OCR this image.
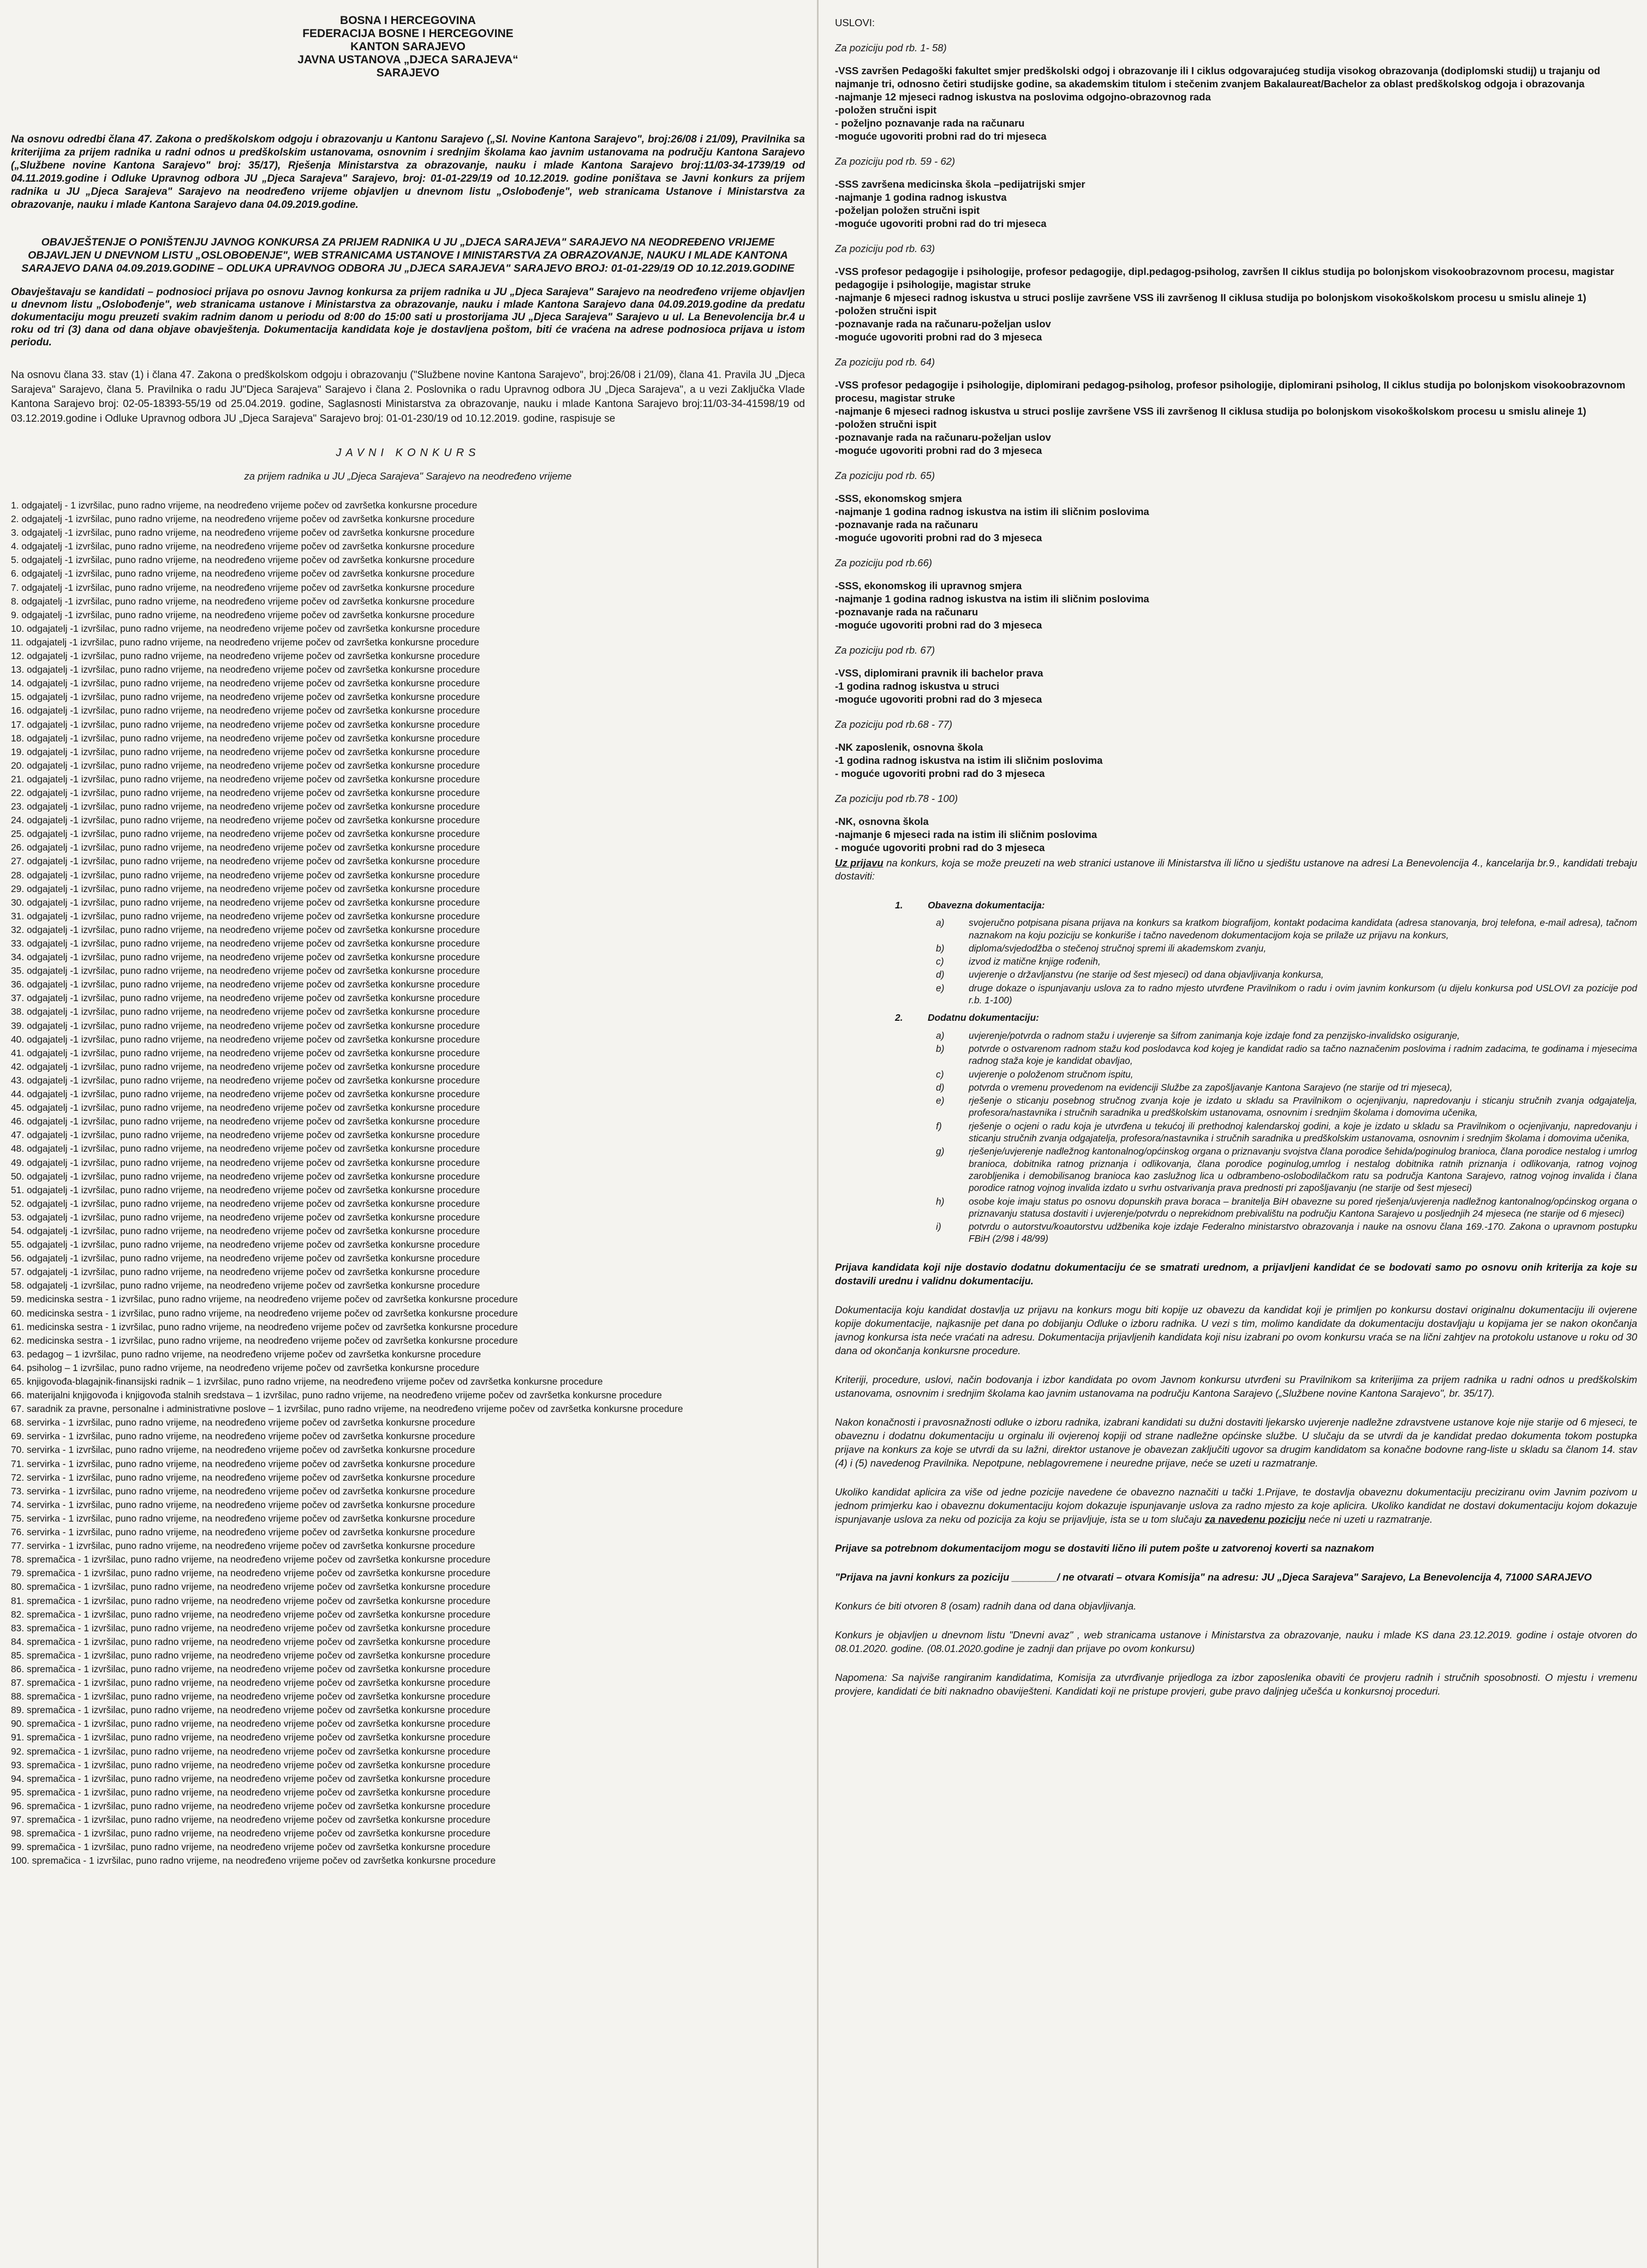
BOSNA I HERCEGOVINA
FEDERACIJA BOSNE I HERCEGOVINE
KANTON SARAJEVO
JAVNA USTANOVA „DJECA SARAJEVA“
SARAJEVO

Na osnovu odredbi člana 47. Zakona o predškolskom odgoju i obrazovanju u Kantonu Sarajevo („Sl. Novine Kantona Sarajevo", broj:26/08 i 21/09), Pravilnika sa kriterijima za prijem radnika u radni odnos u predškolskim ustanovama, osnovnim i srednjim školama kao javnim ustanovama na području Kantona Sarajevo („Službene novine Kantona Sarajevo" broj: 35/17), Rješenja Ministarstva za obrazovanje, nauku i mlade Kantona Sarajevo broj:11/03-34-1739/19 od 04.11.2019.godine i Odluke Upravnog odbora JU „Djeca Sarajeva" Sarajevo, broj: 01-01-229/19 od 10.12.2019. godine poništava se Javni konkurs za prijem radnika u JU „Djeca Sarajeva" Sarajevo na neodređeno vrijeme objavljen u dnevnom listu „Oslobođenje", web stranicama Ustanove i Ministarstva za obrazovanje, nauku i mlade Kantona Sarajevo dana 04.09.2019.godine.

OBAVJEŠTENJE O PONIŠTENJU JAVNOG KONKURSA ZA PRIJEM RADNIKA U JU „DJECA SARAJEVA" SARAJEVO NA NEODREĐENO VRIJEME OBJAVLJEN U DNEVNOM LISTU „OSLOBOĐENJE", WEB STRANICAMA USTANOVE I MINISTARSTVA ZA OBRAZOVANJE, NAUKU I MLADE KANTONA SARAJEVO DANA 04.09.2019.GODINE – ODLUKA UPRAVNOG ODBORA JU „DJECA SARAJEVA" SARAJEVO BROJ: 01-01-229/19 OD 10.12.2019.GODINE

Obavještavaju se kandidati – podnosioci prijava po osnovu Javnog konkursa za prijem radnika u JU „Djeca Sarajeva" Sarajevo na neodređeno vrijeme objavljen u dnevnom listu „Oslobođenje", web stranicama ustanove i Ministarstva za obrazovanje, nauku i mlade Kantona Sarajevo dana 04.09.2019.godine da predatu dokumentaciju mogu preuzeti svakim radnim danom u periodu od 8:00 do 15:00 sati u prostorijama JU „Djeca Sarajeva" Sarajevo u ul. La Benevolencija br.4 u roku od tri (3) dana od dana objave obavještenja. Dokumentacija kandidata koje je dostavljena poštom, biti će vraćena na adrese podnosioca prijava u istom periodu.

Na osnovu člana 33. stav (1) i člana 47. Zakona o predškolskom odgoju i obrazovanju ("Službene novine Kantona Sarajevo", broj:26/08 i 21/09), člana 41. Pravila JU „Djeca Sarajeva" Sarajevo, člana 5. Pravilnika o radu JU"Djeca Sarajeva" Sarajevo i člana 2. Poslovnika o radu Upravnog odbora JU „Djeca Sarajeva", a u vezi Zaključka Vlade Kantona Sarajevo broj: 02-05-18393-55/19 od 25.04.2019. godine, Saglasnosti Ministarstva za obrazovanje, nauku i mlade Kantona Sarajevo broj:11/03-34-41598/19 od 03.12.2019.godine i Odluke Upravnog odbora JU „Djeca Sarajeva" Sarajevo broj: 01-01-230/19 od 10.12.2019. godine, raspisuje se

JAVNI KONKURS
za prijem radnika u JU „Djeca Sarajeva" Sarajevo na neodređeno vrijeme
1. odgajatelj - 1 izvršilac, puno radno vrijeme, na neodređeno vrijeme počev od završetka konkursne procedure
2. odgajatelj -1 izvršilac, puno radno vrijeme, na neodređeno vrijeme počev od završetka konkursne procedure
3. odgajatelj -1 izvršilac, puno radno vrijeme, na neodređeno vrijeme počev od završetka konkursne procedure
4. odgajatelj -1 izvršilac, puno radno vrijeme, na neodređeno vrijeme počev od završetka konkursne procedure
5. odgajatelj -1 izvršilac, puno radno vrijeme, na neodređeno vrijeme počev od završetka konkursne procedure
6. odgajatelj -1 izvršilac, puno radno vrijeme, na neodređeno vrijeme počev od završetka konkursne procedure
7. odgajatelj -1 izvršilac, puno radno vrijeme, na neodređeno vrijeme počev od završetka konkursne procedure
8. odgajatelj -1 izvršilac, puno radno vrijeme, na neodređeno vrijeme počev od završetka konkursne procedure
9. odgajatelj -1 izvršilac, puno radno vrijeme, na neodređeno vrijeme počev od završetka konkursne procedure
10. odgajatelj -1 izvršilac, puno radno vrijeme, na neodređeno vrijeme počev od završetka konkursne procedure
11. odgajatelj -1 izvršilac, puno radno vrijeme, na neodređeno vrijeme počev od završetka konkursne procedure
12. odgajatelj -1 izvršilac, puno radno vrijeme, na neodređeno vrijeme počev od završetka konkursne procedure
13. odgajatelj -1 izvršilac, puno radno vrijeme, na neodređeno vrijeme počev od završetka konkursne procedure
14. odgajatelj -1 izvršilac, puno radno vrijeme, na neodređeno vrijeme počev od završetka konkursne procedure
15. odgajatelj -1 izvršilac, puno radno vrijeme, na neodređeno vrijeme počev od završetka konkursne procedure
16. odgajatelj -1 izvršilac, puno radno vrijeme, na neodređeno vrijeme počev od završetka konkursne procedure
17. odgajatelj -1 izvršilac, puno radno vrijeme, na neodređeno vrijeme počev od završetka konkursne procedure
18. odgajatelj -1 izvršilac, puno radno vrijeme, na neodređeno vrijeme počev od završetka konkursne procedure
19. odgajatelj -1 izvršilac, puno radno vrijeme, na neodređeno vrijeme počev od završetka konkursne procedure
20. odgajatelj -1 izvršilac, puno radno vrijeme, na neodređeno vrijeme počev od završetka konkursne procedure
21. odgajatelj -1 izvršilac, puno radno vrijeme, na neodređeno vrijeme počev od završetka konkursne procedure
22. odgajatelj -1 izvršilac, puno radno vrijeme, na neodređeno vrijeme počev od završetka konkursne procedure
23. odgajatelj -1 izvršilac, puno radno vrijeme, na neodređeno vrijeme počev od završetka konkursne procedure
24. odgajatelj -1 izvršilac, puno radno vrijeme, na neodređeno vrijeme počev od završetka konkursne procedure
25. odgajatelj -1 izvršilac, puno radno vrijeme, na neodređeno vrijeme počev od završetka konkursne procedure
26. odgajatelj -1 izvršilac, puno radno vrijeme, na neodređeno vrijeme počev od završetka konkursne procedure
27. odgajatelj -1 izvršilac, puno radno vrijeme, na neodređeno vrijeme počev od završetka konkursne procedure
28. odgajatelj -1 izvršilac, puno radno vrijeme, na neodređeno vrijeme počev od završetka konkursne procedure
29. odgajatelj -1 izvršilac, puno radno vrijeme, na neodređeno vrijeme počev od završetka konkursne procedure
30. odgajatelj -1 izvršilac, puno radno vrijeme, na neodređeno vrijeme počev od završetka konkursne procedure
31. odgajatelj -1 izvršilac, puno radno vrijeme, na neodređeno vrijeme počev od završetka konkursne procedure
32. odgajatelj -1 izvršilac, puno radno vrijeme, na neodređeno vrijeme počev od završetka konkursne procedure
33. odgajatelj -1 izvršilac, puno radno vrijeme, na neodređeno vrijeme počev od završetka konkursne procedure
34. odgajatelj -1 izvršilac, puno radno vrijeme, na neodređeno vrijeme počev od završetka konkursne procedure
35. odgajatelj -1 izvršilac, puno radno vrijeme, na neodređeno vrijeme počev od završetka konkursne procedure
36. odgajatelj -1 izvršilac, puno radno vrijeme, na neodređeno vrijeme počev od završetka konkursne procedure
37. odgajatelj -1 izvršilac, puno radno vrijeme, na neodređeno vrijeme počev od završetka konkursne procedure
38. odgajatelj -1 izvršilac, puno radno vrijeme, na neodređeno vrijeme počev od završetka konkursne procedure
39. odgajatelj -1 izvršilac, puno radno vrijeme, na neodređeno vrijeme počev od završetka konkursne procedure
40. odgajatelj -1 izvršilac, puno radno vrijeme, na neodređeno vrijeme počev od završetka konkursne procedure
41. odgajatelj -1 izvršilac, puno radno vrijeme, na neodređeno vrijeme počev od završetka konkursne procedure
42. odgajatelj -1 izvršilac, puno radno vrijeme, na neodređeno vrijeme počev od završetka konkursne procedure
43. odgajatelj -1 izvršilac, puno radno vrijeme, na neodređeno vrijeme počev od završetka konkursne procedure
44. odgajatelj -1 izvršilac, puno radno vrijeme, na neodređeno vrijeme počev od završetka konkursne procedure
45. odgajatelj -1 izvršilac, puno radno vrijeme, na neodređeno vrijeme počev od završetka konkursne procedure
46. odgajatelj -1 izvršilac, puno radno vrijeme, na neodređeno vrijeme počev od završetka konkursne procedure
47. odgajatelj -1 izvršilac, puno radno vrijeme, na neodređeno vrijeme počev od završetka konkursne procedure
48. odgajatelj -1 izvršilac, puno radno vrijeme, na neodređeno vrijeme počev od završetka konkursne procedure
49. odgajatelj -1 izvršilac, puno radno vrijeme, na neodređeno vrijeme počev od završetka konkursne procedure
50. odgajatelj -1 izvršilac, puno radno vrijeme, na neodređeno vrijeme počev od završetka konkursne procedure
51. odgajatelj -1 izvršilac, puno radno vrijeme, na neodređeno vrijeme počev od završetka konkursne procedure
52. odgajatelj -1 izvršilac, puno radno vrijeme, na neodređeno vrijeme počev od završetka konkursne procedure
53. odgajatelj -1 izvršilac, puno radno vrijeme, na neodređeno vrijeme počev od završetka konkursne procedure
54. odgajatelj -1 izvršilac, puno radno vrijeme, na neodređeno vrijeme počev od završetka konkursne procedure
55. odgajatelj -1 izvršilac, puno radno vrijeme, na neodređeno vrijeme počev od završetka konkursne procedure
56. odgajatelj -1 izvršilac, puno radno vrijeme, na neodređeno vrijeme počev od završetka konkursne procedure
57. odgajatelj -1 izvršilac, puno radno vrijeme, na neodređeno vrijeme počev od završetka konkursne procedure
58. odgajatelj -1 izvršilac, puno radno vrijeme, na neodređeno vrijeme počev od završetka konkursne procedure
59. medicinska sestra - 1 izvršilac, puno radno vrijeme, na neodređeno vrijeme počev od završetka konkursne procedure
60. medicinska sestra - 1 izvršilac, puno radno vrijeme, na neodređeno vrijeme počev od završetka konkursne procedure
61. medicinska sestra - 1 izvršilac, puno radno vrijeme, na neodređeno vrijeme počev od završetka konkursne procedure
62. medicinska sestra - 1 izvršilac, puno radno vrijeme, na neodređeno vrijeme počev od završetka konkursne procedure
63. pedagog – 1 izvršilac, puno radno vrijeme, na neodređeno vrijeme počev od završetka konkursne procedure
64. psiholog – 1 izvršilac, puno radno vrijeme, na neodređeno vrijeme počev od završetka konkursne procedure
65. knjigovođa-blagajnik-finansijski radnik – 1 izvršilac, puno radno vrijeme, na neodređeno vrijeme počev od završetka konkursne procedure
66. materijalni knjigovođa i knjigovođa stalnih sredstava – 1 izvršilac, puno radno vrijeme, na neodređeno vrijeme počev od završetka konkursne procedure
67. saradnik za pravne, personalne i administrativne poslove – 1 izvršilac, puno radno vrijeme, na neodređeno vrijeme počev od završetka konkursne procedure
68. servirka - 1 izvršilac, puno radno vrijeme, na neodređeno vrijeme počev od završetka konkursne procedure
69. servirka - 1 izvršilac, puno radno vrijeme, na neodređeno vrijeme počev od završetka konkursne procedure
70. servirka - 1 izvršilac, puno radno vrijeme, na neodređeno vrijeme počev od završetka konkursne procedure
71. servirka - 1 izvršilac, puno radno vrijeme, na neodređeno vrijeme počev od završetka konkursne procedure
72. servirka - 1 izvršilac, puno radno vrijeme, na neodređeno vrijeme počev od završetka konkursne procedure
73. servirka - 1 izvršilac, puno radno vrijeme, na neodređeno vrijeme počev od završetka konkursne procedure
74. servirka - 1 izvršilac, puno radno vrijeme, na neodređeno vrijeme počev od završetka konkursne procedure
75. servirka - 1 izvršilac, puno radno vrijeme, na neodređeno vrijeme počev od završetka konkursne procedure
76. servirka - 1 izvršilac, puno radno vrijeme, na neodređeno vrijeme počev od završetka konkursne procedure
77. servirka - 1 izvršilac, puno radno vrijeme, na neodređeno vrijeme počev od završetka konkursne procedure
78. spremačica - 1 izvršilac, puno radno vrijeme, na neodređeno vrijeme počev od završetka konkursne procedure
79. spremačica - 1 izvršilac, puno radno vrijeme, na neodređeno vrijeme počev od završetka konkursne procedure
80. spremačica - 1 izvršilac, puno radno vrijeme, na neodređeno vrijeme počev od završetka konkursne procedure
81. spremačica - 1 izvršilac, puno radno vrijeme, na neodređeno vrijeme počev od završetka konkursne procedure
82. spremačica - 1 izvršilac, puno radno vrijeme, na neodređeno vrijeme počev od završetka konkursne procedure
83. spremačica - 1 izvršilac, puno radno vrijeme, na neodređeno vrijeme počev od završetka konkursne procedure
84. spremačica - 1 izvršilac, puno radno vrijeme, na neodređeno vrijeme počev od završetka konkursne procedure
85. spremačica - 1 izvršilac, puno radno vrijeme, na neodređeno vrijeme počev od završetka konkursne procedure
86. spremačica - 1 izvršilac, puno radno vrijeme, na neodređeno vrijeme počev od završetka konkursne procedure
87. spremačica - 1 izvršilac, puno radno vrijeme, na neodređeno vrijeme počev od završetka konkursne procedure
88. spremačica - 1 izvršilac, puno radno vrijeme, na neodređeno vrijeme počev od završetka konkursne procedure
89. spremačica - 1 izvršilac, puno radno vrijeme, na neodređeno vrijeme počev od završetka konkursne procedure
90. spremačica - 1 izvršilac, puno radno vrijeme, na neodređeno vrijeme počev od završetka konkursne procedure
91. spremačica - 1 izvršilac, puno radno vrijeme, na neodređeno vrijeme počev od završetka konkursne procedure
92. spremačica - 1 izvršilac, puno radno vrijeme, na neodređeno vrijeme počev od završetka konkursne procedure
93. spremačica - 1 izvršilac, puno radno vrijeme, na neodređeno vrijeme počev od završetka konkursne procedure
94. spremačica - 1 izvršilac, puno radno vrijeme, na neodređeno vrijeme počev od završetka konkursne procedure
95. spremačica - 1 izvršilac, puno radno vrijeme, na neodređeno vrijeme počev od završetka konkursne procedure
96. spremačica - 1 izvršilac, puno radno vrijeme, na neodređeno vrijeme počev od završetka konkursne procedure
97. spremačica - 1 izvršilac, puno radno vrijeme, na neodređeno vrijeme počev od završetka konkursne procedure
98. spremačica - 1 izvršilac, puno radno vrijeme, na neodređeno vrijeme počev od završetka konkursne procedure
99. spremačica - 1 izvršilac, puno radno vrijeme, na neodređeno vrijeme počev od završetka konkursne procedure
100. spremačica - 1 izvršilac, puno radno vrijeme, na neodređeno vrijeme počev od završetka konkursne procedure
USLOVI:
Za poziciju pod rb. 1- 58)
-VSS završen Pedagoški fakultet smjer predškolski odgoj i obrazovanje ili I ciklus odgovarajućeg studija visokog obrazovanja (dodiplomski studij) u trajanju od najmanje tri, odnosno četiri studijske godine, sa akademskim titulom i stečenim zvanjem Bakalaureat/Bachelor za oblast predškolskog odgoja i obrazovanja
-najmanje 12 mjeseci radnog iskustva na poslovima odgojno-obrazovnog rada
-položen stručni ispit
- poželjno poznavanje rada na računaru
-moguće ugovoriti probni rad do tri mjeseca
Za poziciju pod rb. 59 - 62)
-SSS završena medicinska škola –pedijatrijski smjer
-najmanje 1 godina radnog iskustva
-poželjan položen stručni ispit
-moguće ugovoriti probni rad do tri mjeseca
Za poziciju pod rb. 63)
-VSS profesor pedagogije i psihologije, profesor pedagogije, dipl.pedagog-psiholog, završen II ciklus studija po bolonjskom visokoobrazovnom procesu, magistar pedagogije i psihologije, magistar struke
-najmanje 6 mjeseci radnog iskustva u struci poslije završene VSS ili završenog II ciklusa studija po bolonjskom visokoškolskom procesu u smislu alineje 1)
-položen stručni ispit
-poznavanje rada na računaru-poželjan uslov
-moguće ugovoriti probni rad do 3 mjeseca
Za poziciju pod rb. 64)
-VSS profesor pedagogije i psihologije, diplomirani pedagog-psiholog, profesor psihologije, diplomirani psiholog, II ciklus studija po bolonjskom visokoobrazovnom procesu, magistar struke
-najmanje 6 mjeseci radnog iskustva u struci poslije završene VSS ili završenog II ciklusa studija po bolonjskom visokoškolskom procesu u smislu alineje 1)
-položen stručni ispit
-poznavanje rada na računaru-poželjan uslov
-moguće ugovoriti probni rad do 3 mjeseca
Za poziciju pod rb. 65)
-SSS, ekonomskog smjera
-najmanje 1 godina radnog iskustva na istim ili sličnim poslovima
-poznavanje rada na računaru
-moguće ugovoriti probni rad do 3 mjeseca
Za poziciju pod rb.66)
-SSS, ekonomskog ili upravnog smjera
-najmanje 1 godina radnog iskustva na istim ili sličnim poslovima
-poznavanje rada na računaru
-moguće ugovoriti probni rad do 3 mjeseca
Za poziciju pod rb. 67)
-VSS, diplomirani pravnik ili bachelor prava
-1 godina radnog iskustva u struci
-moguće ugovoriti probni rad do 3 mjeseca
Za poziciju pod rb.68 - 77)
-NK zaposlenik, osnovna škola
-1 godina radnog iskustva na istim ili sličnim poslovima
- moguće ugovoriti probni rad do 3 mjeseca
Za poziciju pod rb.78 - 100)
-NK, osnovna škola
-najmanje 6 mjeseci rada na istim ili sličnim poslovima
- moguće ugovoriti probni rad do 3 mjeseca

Uz prijavu na konkurs, koja se može preuzeti na web stranici ustanove ili Ministarstva ili lično u sjedištu ustanove na adresi La Benevolencija 4., kancelarija br.9., kandidati trebaju dostaviti:

1.	Obavezna dokumentacija:
a)	svojeručno potpisana pisana prijava na konkurs sa kratkom biografijom, kontakt podacima kandidata (adresa stanovanja, broj telefona, e-mail adresa), tačnom naznakom na koju poziciju se konkuriše i tačno navedenom dokumentacijom koja se prilaže uz prijavu na konkurs,
b)	diploma/svjedodžba o stečenoj stručnoj spremi ili akademskom zvanju,
c)	izvod iz matične knjige rođenih,
d)	uvjerenje o državljanstvu (ne starije od šest mjeseci) od dana objavljivanja konkursa,
e)	druge dokaze o ispunjavanju uslova za to radno mjesto utvrđene Pravilnikom o radu i ovim javnim konkursom (u dijelu konkursa pod USLOVI za pozicije pod r.b. 1-100)
2.	Dodatnu dokumentaciju:
a)	uvjerenje/potvrda o radnom stažu i uvjerenje sa šifrom zanimanja koje izdaje fond za penzijsko-invalidsko osiguranje,
b)	potvrde o ostvarenom radnom stažu kod poslodavca kod kojeg je kandidat radio sa tačno naznačenim poslovima i radnim zadacima, te godinama i mjesecima radnog staža koje je kandidat obavljao,
c)	uvjerenje o položenom stručnom ispitu,
d)	potvrda o vremenu provedenom na evidenciji Službe za zapošljavanje Kantona Sarajevo (ne starije od tri mjeseca),
e)	rješenje o sticanju posebnog stručnog zvanja koje je izdato u skladu sa Pravilnikom o ocjenjivanju, napredovanju i sticanju stručnih zvanja odgajatelja, profesora/nastavnika i stručnih saradnika u predškolskim ustanovama, osnovnim i srednjim školama i domovima učenika,
f)	rješenje o ocjeni o radu koja je utvrđena u tekućoj ili prethodnoj kalendarskoj godini, a koje je izdato u skladu sa Pravilnikom o ocjenjivanju, napredovanju i sticanju stručnih zvanja odgajatelja, profesora/nastavnika i stručnih saradnika u predškolskim ustanovama, osnovnim i srednjim školama i domovima učenika,
g)	rješenje/uvjerenje nadležnog kantonalnog/općinskog organa o priznavanju svojstva člana porodice šehida/poginulog branioca, člana porodice nestalog i umrlog branioca, dobitnika ratnog priznanja i odlikovanja, člana porodice poginulog,umrlog i nestalog dobitnika ratnih priznanja i odlikovanja, ratnog vojnog zarobljenika i demobilisanog branioca kao zaslužnog lica u odbrambeno-oslobodilačkom ratu sa područja Kantona Sarajevo, ratnog vojnog invalida i člana porodice ratnog vojnog invalida izdato u svrhu ostvarivanja prava prednosti pri zapošljavanju (ne starije od šest mjeseci)
h)	osobe koje imaju status po osnovu dopunskih prava boraca – branitelja BiH obavezne su pored rješenja/uvjerenja nadležnog kantonalnog/općinskog organa o priznavanju statusa dostaviti i uvjerenje/potvrdu o neprekidnom prebivalištu na području Kantona Sarajevo u posljednjih 24 mjeseca (ne starije od 6 mjeseci)
i)	potvrdu o autorstvu/koautorstvu udžbenika koje izdaje Federalno ministarstvo obrazovanja i nauke na osnovu člana 169.-170. Zakona o upravnom postupku FBiH (2/98 i 48/99)

Prijava kandidata koji nije dostavio dodatnu dokumentaciju će se smatrati urednom, a prijavljeni kandidat će se bodovati samo po osnovu onih kriterija za koje su dostavili urednu i validnu dokumentaciju.

Dokumentacija koju kandidat dostavlja uz prijavu na konkurs mogu biti kopije uz obavezu da kandidat koji je primljen po konkursu dostavi originalnu dokumentaciju ili ovjerene kopije dokumentacije, najkasnije pet dana po dobijanju Odluke o izboru radnika. U vezi s tim, molimo kandidate da dokumentaciju dostavljaju u kopijama jer se nakon okončanja javnog konkursa ista neće vraćati na adresu. Dokumentacija prijavljenih kandidata koji nisu izabrani po ovom konkursu vraća se na lični zahtjev na protokolu ustanove u roku od 30 dana od okončanja konkursne procedure.

Kriteriji, procedure, uslovi, način bodovanja i izbor kandidata po ovom Javnom konkursu utvrđeni su Pravilnikom sa kriterijima za prijem radnika u radni odnos u predškolskim ustanovama, osnovnim i srednjim školama kao javnim ustanovama na području Kantona Sarajevo („Službene novine Kantona Sarajevo", br. 35/17).

Nakon konačnosti i pravosnažnosti odluke o izboru radnika, izabrani kandidati su dužni dostaviti ljekarsko uvjerenje nadležne zdravstvene ustanove koje nije starije od 6 mjeseci, te obaveznu i dodatnu dokumentaciju u orginalu ili ovjerenoj kopiji od strane nadležne općinske službe. U slučaju da se utvrdi da je kandidat predao dokumenta tokom postupka prijave na konkurs za koje se utvrdi da su lažni, direktor ustanove je obavezan zaključiti ugovor sa drugim kandidatom sa konačne bodovne rang-liste u skladu sa članom 14. stav (4) i (5) navedenog Pravilnika. Nepotpune, neblagovremene i neuredne prijave, neće se uzeti u razmatranje.

Ukoliko kandidat aplicira za više od jedne pozicije navedene će obavezno naznačiti u tački 1.Prijave, te dostavlja obaveznu dokumentaciju preciziranu ovim Javnim pozivom u jednom primjerku kao i obaveznu dokumentaciju kojom dokazuje ispunjavanje uslova za radno mjesto za koje aplicira. Ukoliko kandidat ne dostavi dokumentaciju kojom dokazuje ispunjavanje uslova za neku od pozicija za koju se prijavljuje, ista se u tom slučaju za navedenu poziciju neće ni uzeti u razmatranje.

Prijave sa potrebnom dokumentacijom mogu se dostaviti lično ili putem pošte u zatvorenoj koverti sa naznakom

"Prijava na javni konkurs za poziciju ________/ ne otvarati – otvara Komisija" na adresu: JU „Djeca Sarajeva" Sarajevo, La Benevolencija 4, 71000 SARAJEVO

Konkurs će biti otvoren 8 (osam) radnih dana od dana objavljivanja.

Konkurs je objavljen u dnevnom listu "Dnevni avaz" , web stranicama ustanove i Ministarstva za obrazovanje, nauku i mlade KS dana 23.12.2019. godine i ostaje otvoren do 08.01.2020. godine. (08.01.2020.godine je zadnji dan prijave po ovom konkursu)

Napomena: Sa najviše rangiranim kandidatima, Komisija za utvrđivanje prijedloga za izbor zaposlenika obaviti će provjeru radnih i stručnih sposobnosti. O mjestu i vremenu provjere, kandidati će biti naknadno obaviješteni. Kandidati koji ne pristupe provjeri, gube pravo daljnjeg učešća u konkursnoj proceduri.
